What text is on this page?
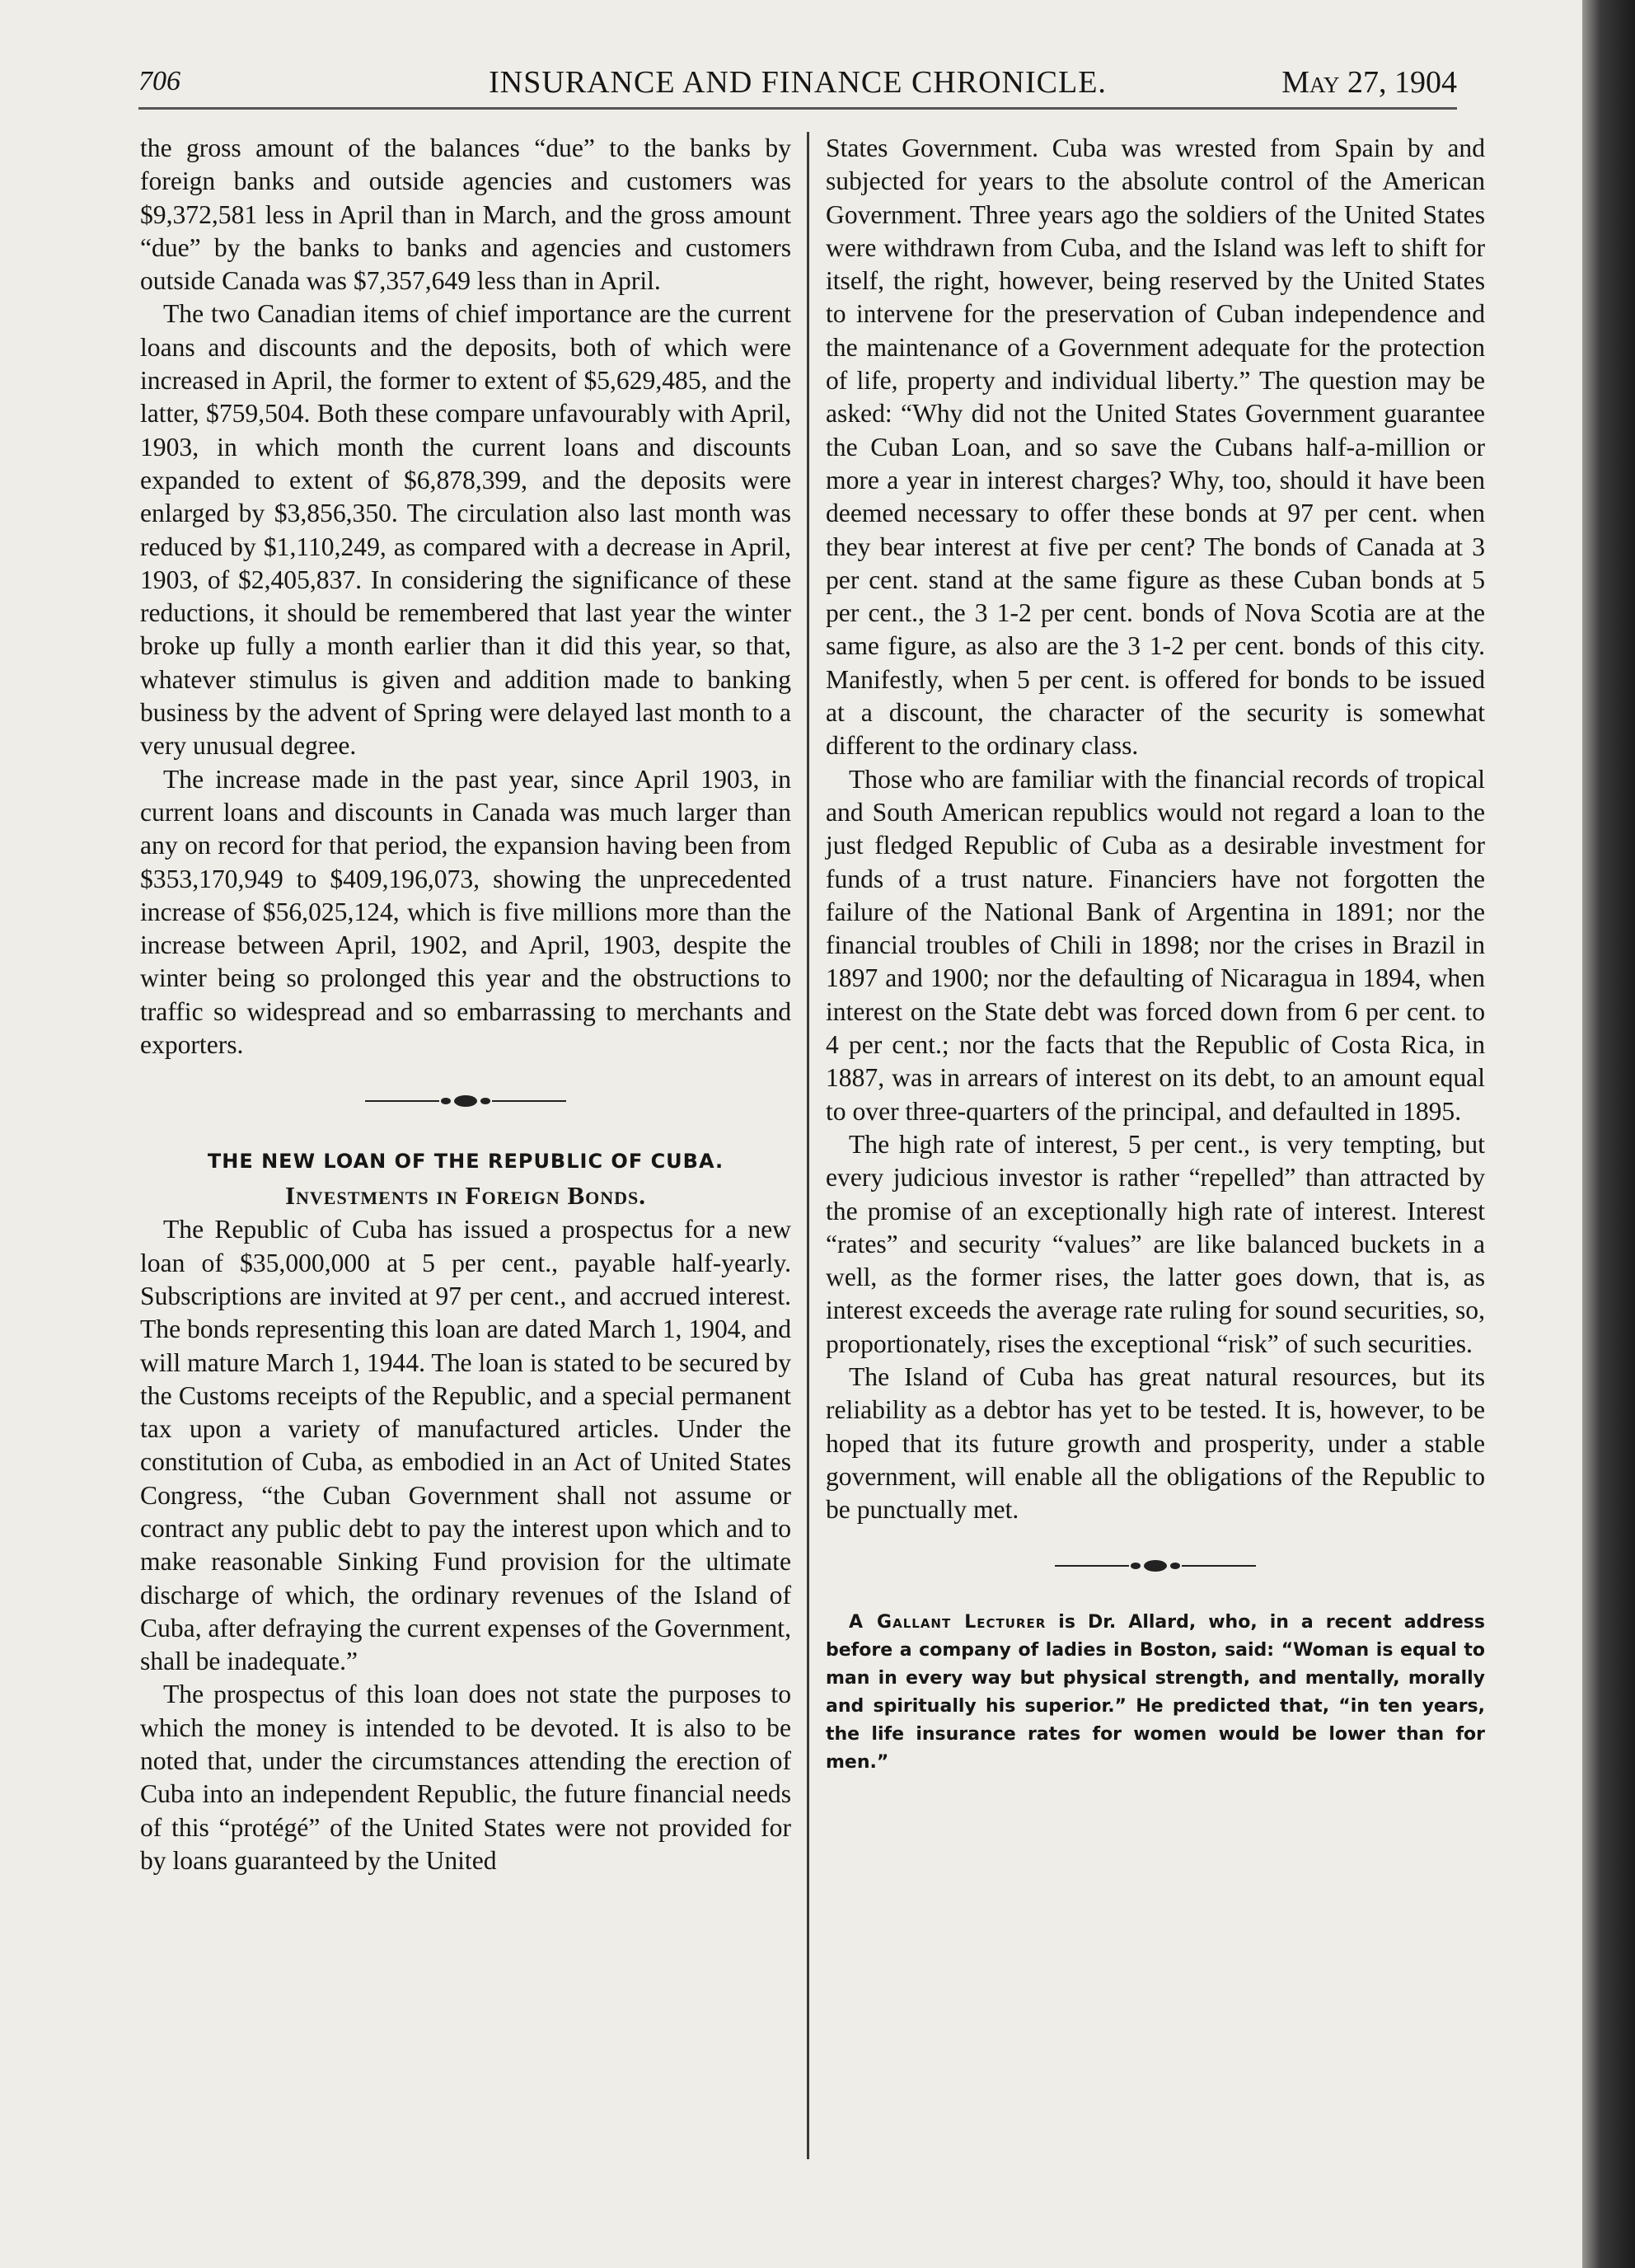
706	INSURANCE AND FINANCE CHRONICLE.	May 27, 1904

the gross amount of the balances “due” to the banks by foreign banks and outside agencies and customers was $9,372,581 less in April than in March, and the gross amount “due” by the banks to banks and agencies and customers outside Canada was $7,357,649 less than in April.

The two Canadian items of chief importance are the current loans and discounts and the deposits, both of which were increased in April, the former to extent of $5,629,485, and the latter, $759,504. Both these compare unfavourably with April, 1903, in which month the current loans and discounts expanded to extent of $6,878,399, and the deposits were enlarged by $3,856,350. The circulation also last month was reduced by $1,110,249, as compared with a decrease in April, 1903, of $2,405,837. In considering the significance of these reductions, it should be remembered that last year the winter broke up fully a month earlier than it did this year, so that, whatever stimulus is given and addition made to banking business by the advent of Spring were delayed last month to a very unusual degree.

The increase made in the past year, since April 1903, in current loans and discounts in Canada was much larger than any on record for that period, the expansion having been from $353,170,949 to $409,196,073, showing the unprecedented increase of $56,025,124, which is five millions more than the increase between April, 1902, and April, 1903, despite the winter being so prolonged this year and the obstructions to traffic so widespread and so embarrassing to merchants and exporters.

THE NEW LOAN OF THE REPUBLIC OF CUBA.
Investments in Foreign Bonds.

The Republic of Cuba has issued a prospectus for a new loan of $35,000,000 at 5 per cent., payable half-yearly. Subscriptions are invited at 97 per cent., and accrued interest. The bonds representing this loan are dated March 1, 1904, and will mature March 1, 1944. The loan is stated to be secured by the Customs receipts of the Republic, and a special permanent tax upon a variety of manufactured articles. Under the constitution of Cuba, as embodied in an Act of United States Congress, “the Cuban Government shall not assume or contract any public debt to pay the interest upon which and to make reasonable Sinking Fund provision for the ultimate discharge of which, the ordinary revenues of the Island of Cuba, after defraying the current expenses of the Government, shall be inadequate.”

The prospectus of this loan does not state the purposes to which the money is intended to be devoted. It is also to be noted that, under the circumstances attending the erection of Cuba into an independent Republic, the future financial needs of this “protégé” of the United States were not provided for by loans guaranteed by the United

States Government. Cuba was wrested from Spain by and subjected for years to the absolute control of the American Government. Three years ago the soldiers of the United States were withdrawn from Cuba, and the Island was left to shift for itself, the right, however, being reserved by the United States to intervene for the preservation of Cuban independence and the maintenance of a Government adequate for the protection of life, property and individual liberty.” The question may be asked: “Why did not the United States Government guarantee the Cuban Loan, and so save the Cubans half-a-million or more a year in interest charges? Why, too, should it have been deemed necessary to offer these bonds at 97 per cent. when they bear interest at five per cent? The bonds of Canada at 3 per cent. stand at the same figure as these Cuban bonds at 5 per cent., the 3 1-2 per cent. bonds of Nova Scotia are at the same figure, as also are the 3 1-2 per cent. bonds of this city. Manifestly, when 5 per cent. is offered for bonds to be issued at a discount, the character of the security is somewhat different to the ordinary class.

Those who are familiar with the financial records of tropical and South American republics would not regard a loan to the just fledged Republic of Cuba as a desirable investment for funds of a trust nature. Financiers have not forgotten the failure of the National Bank of Argentina in 1891; nor the financial troubles of Chili in 1898; nor the crises in Brazil in 1897 and 1900; nor the defaulting of Nicaragua in 1894, when interest on the State debt was forced down from 6 per cent. to 4 per cent.; nor the facts that the Republic of Costa Rica, in 1887, was in arrears of interest on its debt, to an amount equal to over three-quarters of the principal, and defaulted in 1895.

The high rate of interest, 5 per cent., is very tempting, but every judicious investor is rather “repelled” than attracted by the promise of an exceptionally high rate of interest. Interest “rates” and security “values” are like balanced buckets in a well, as the former rises, the latter goes down, that is, as interest exceeds the average rate ruling for sound securities, so, proportionately, rises the exceptional “risk” of such securities.

The Island of Cuba has great natural resources, but its reliability as a debtor has yet to be tested. It is, however, to be hoped that its future growth and prosperity, under a stable government, will enable all the obligations of the Republic to be punctually met.

A Gallant Lecturer is Dr. Allard, who, in a recent address before a company of ladies in Boston, said: “Woman is equal to man in every way but physical strength, and mentally, morally and spiritually his superior.” He predicted that, “in ten years, the life insurance rates for women would be lower than for men.”
